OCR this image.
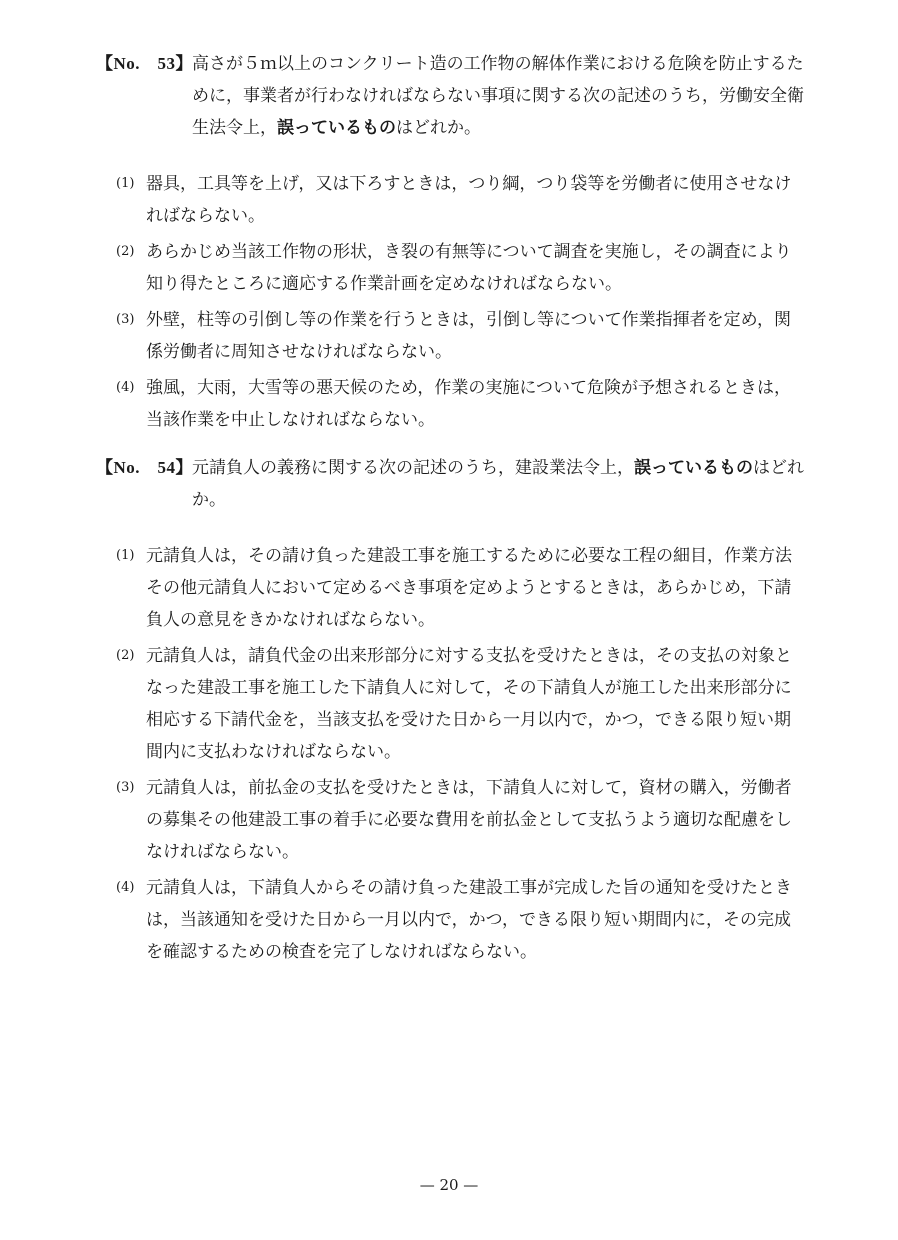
【No.　53】
高さが５ｍ以上のコンクリート造の工作物の解体作業における危険を防止するために，事業者が行わなければならない事項に関する次の記述のうち，労働安全衛生法令上，誤っているものはどれか。
(1) 器具，工具等を上げ，又は下ろすときは，つり綱，つり袋等を労働者に使用させなければならない。
(2) あらかじめ当該工作物の形状，き裂の有無等について調査を実施し，その調査により知り得たところに適応する作業計画を定めなければならない。
(3) 外壁，柱等の引倒し等の作業を行うときは，引倒し等について作業指揮者を定め，関係労働者に周知させなければならない。
(4) 強風，大雨，大雪等の悪天候のため，作業の実施について危険が予想されるときは，当該作業を中止しなければならない。
【No.　54】
元請負人の義務に関する次の記述のうち，建設業法令上，誤っているものはどれか。
(1) 元請負人は，その請け負った建設工事を施工するために必要な工程の細目，作業方法その他元請負人において定めるべき事項を定めようとするときは，あらかじめ，下請負人の意見をきかなければならない。
(2) 元請負人は，請負代金の出来形部分に対する支払を受けたときは，その支払の対象となった建設工事を施工した下請負人に対して，その下請負人が施工した出来形部分に相応する下請代金を，当該支払を受けた日から一月以内で，かつ，できる限り短い期間内に支払わなければならない。
(3) 元請負人は，前払金の支払を受けたときは，下請負人に対して，資材の購入，労働者の募集その他建設工事の着手に必要な費用を前払金として支払うよう適切な配慮をしなければならない。
(4) 元請負人は，下請負人からその請け負った建設工事が完成した旨の通知を受けたときは，当該通知を受けた日から一月以内で，かつ，できる限り短い期間内に，その完成を確認するための検査を完了しなければならない。
— 20 —
